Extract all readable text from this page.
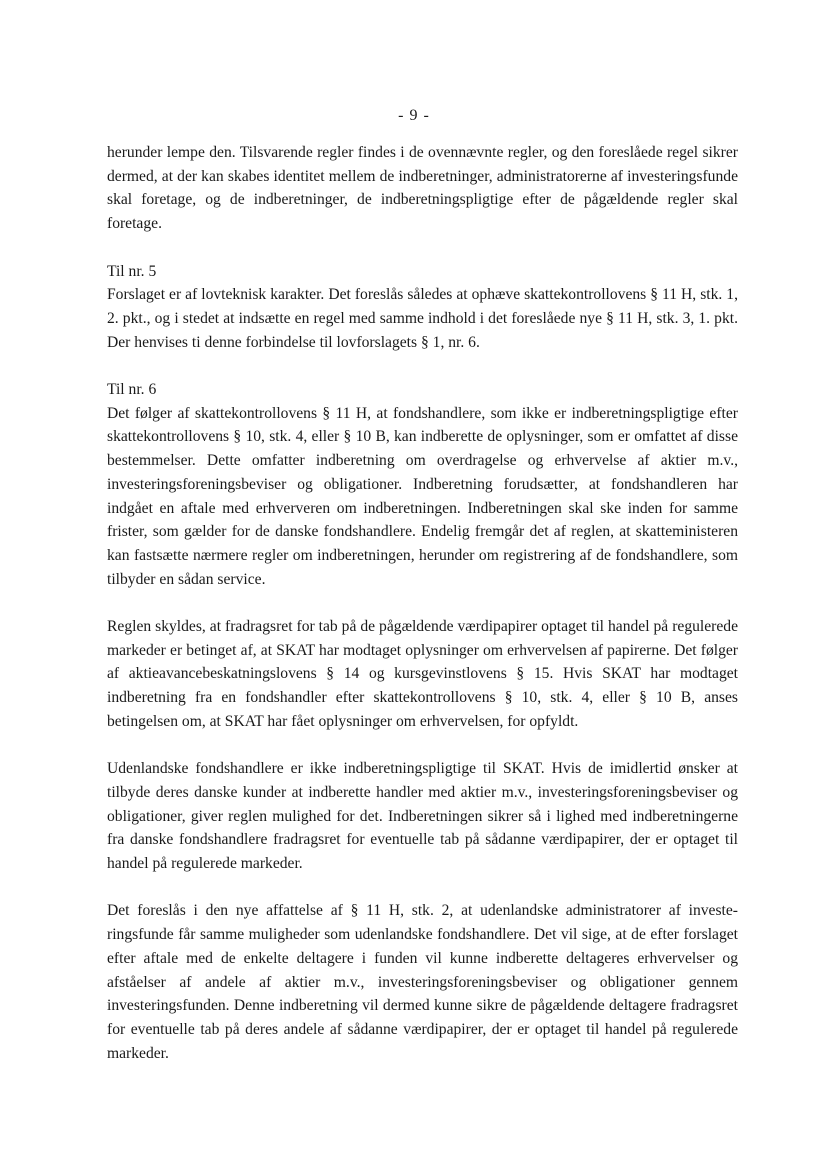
- 9 -

herunder lempe den. Tilsvarende regler findes i de ovennævnte regler, og den foreslåede regel sikrer dermed, at der kan skabes identitet mellem de indberetninger, administratorerne af investeringsfunde skal foretage, og de indberetninger, de indberetningspligtige efter de pågældende regler skal foretage.

Til nr. 5
Forslaget er af lovteknisk karakter. Det foreslås således at ophæve skattekontrollovens § 11 H, stk. 1, 2. pkt., og i stedet at indsætte en regel med samme indhold i det foreslåede nye § 11 H, stk. 3, 1. pkt. Der henvises ti denne forbindelse til lovforslagets § 1, nr. 6.

Til nr. 6
Det følger af skattekontrollovens § 11 H, at fondshandlere, som ikke er indberetningspligtige efter skattekontrollovens § 10, stk. 4, eller § 10 B, kan indberette de oplysninger, som er omfattet af disse bestemmelser. Dette omfatter indberetning om overdragelse og erhvervelse af aktier m.v., investeringsforeningsbeviser og obligationer. Indberetning forudsætter, at fondshandleren har indgået en aftale med erhververen om indberetningen. Indberetningen skal ske inden for samme frister, som gælder for de danske fondshandlere. Endelig fremgår det af reglen, at skatteministeren kan fastsætte nærmere regler om indberetningen, herunder om registrering af de fondshandlere, som tilbyder en sådan service.

Reglen skyldes, at fradragsret for tab på de pågældende værdipapirer optaget til handel på regulerede markeder er betinget af, at SKAT har modtaget oplysninger om erhvervelsen af papirerne. Det følger af aktieavancebeskatningslovens § 14 og kursgevinstlovens § 15. Hvis SKAT har modtaget indberetning fra en fondshandler efter skattekontrollovens § 10, stk. 4, eller § 10 B, anses betingelsen om, at SKAT har fået oplysninger om erhvervelsen, for opfyldt.

Udenlandske fondshandlere er ikke indberetningspligtige til SKAT. Hvis de imidlertid ønsker at tilbyde deres danske kunder at indberette handler med aktier m.v., investeringsforeningsbeviser og obligationer, giver reglen mulighed for det. Indberetningen sikrer så i lighed med indberetningerne fra danske fondshandlere fradragsret for eventuelle tab på sådanne værdipapirer, der er optaget til handel på regulerede markeder.

Det foreslås i den nye affattelse af § 11 H, stk. 2, at udenlandske administratorer af investe-ringsfunde får samme muligheder som udenlandske fondshandlere. Det vil sige, at de efter forslaget efter aftale med de enkelte deltagere i funden vil kunne indberette deltageres erhvervelser og afståelser af andele af aktier m.v., investeringsforeningsbeviser og obligationer gennem investeringsfunden. Denne indberetning vil dermed kunne sikre de pågældende deltagere fradragsret for eventuelle tab på deres andele af sådanne værdipapirer, der er optaget til handel på regulerede markeder.
